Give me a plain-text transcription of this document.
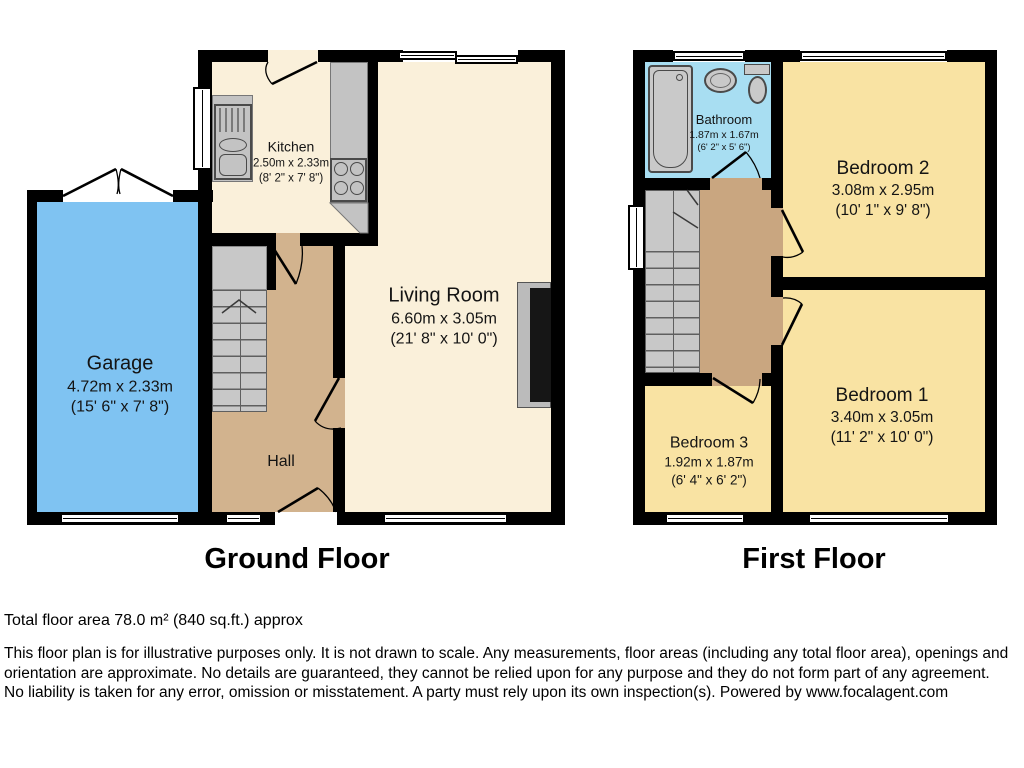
Garage
4.72m x 2.33m
(15' 6" x 7' 8")
Kitchen
2.50m x 2.33m
(8' 2" x 7' 8")
Living Room
6.60m x 3.05m
(21' 8" x 10' 0")
Hall
Bathroom
1.87m x 1.67m
(6' 2" x 5' 6")
Bedroom 2
3.08m x 2.95m
(10' 1" x 9' 8")
Bedroom 1
3.40m x 3.05m
(11' 2" x 10' 0")
Bedroom 3
1.92m x 1.87m
(6' 4" x 6' 2")
Ground Floor	First Floor
Total floor area 78.0 m² (840 sq.ft.) approx
This floor plan is for illustrative purposes only. It is not drawn to scale. Any measurements, floor areas (including any total floor area), openings and orientation are approximate. No details are guaranteed, they cannot be relied upon for any purpose and they do not form part of any agreement. No liability is taken for any error, omission or misstatement. A party must rely upon its own inspection(s). Powered by www.focalagent.com
